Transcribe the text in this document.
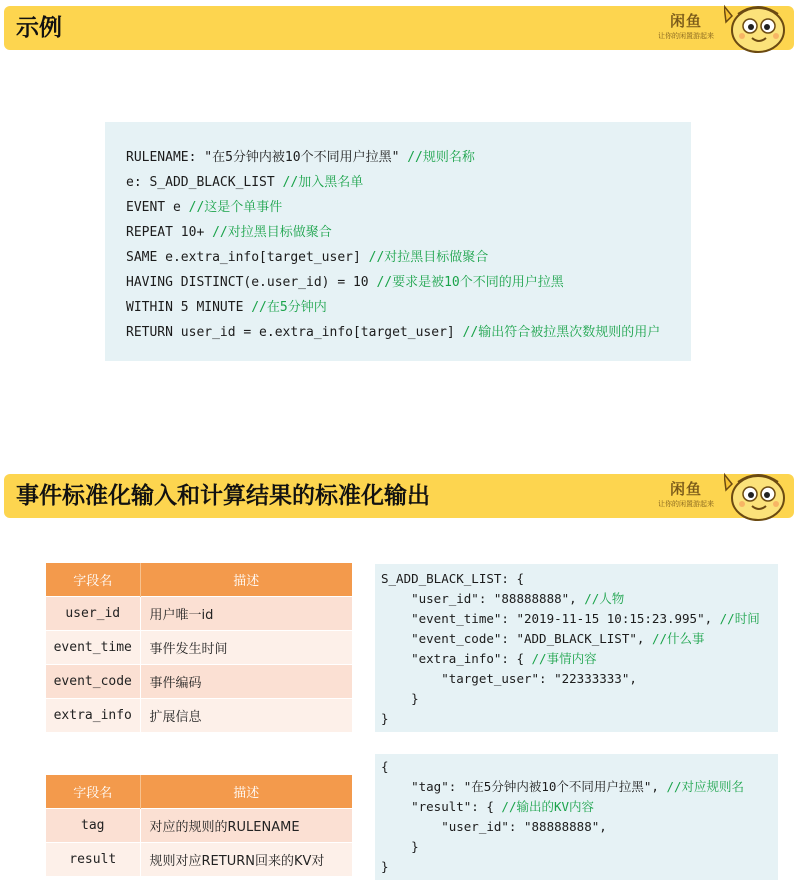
示例	闲鱼
让你的闲置游起来
RULENAME: "在5分钟内被10个不同用户拉黑" //规则名称
e: S_ADD_BLACK_LIST //加入黑名单
EVENT e //这是个单事件
REPEAT 10+ //对拉黑目标做聚合
SAME e.extra_info[target_user] //对拉黑目标做聚合
HAVING DISTINCT(e.user_id) = 10 //要求是被10个不同的用户拉黑
WITHIN 5 MINUTE //在5分钟内
RETURN user_id = e.extra_info[target_user] //输出符合被拉黑次数规则的用户
事件标准化输入和计算结果的标准化输出	闲鱼
让你的闲置游起来
字段名	描述
user_id	用户唯一id
event_time	事件发生时间
event_code	事件编码
extra_info	扩展信息
字段名	描述
tag	对应的规则的RULENAME
result	规则对应RETURN回来的KV对
S_ADD_BLACK_LIST: {
"user_id": "88888888", //人物
"event_time": "2019-11-15 10:15:23.995", //时间
"event_code": "ADD_BLACK_LIST", //什么事
"extra_info": { //事情内容
"target_user": "22333333",
}
}
{
"tag": "在5分钟内被10个不同用户拉黑", //对应规则名
"result": { //输出的KV内容
"user_id": "88888888",
}
}
